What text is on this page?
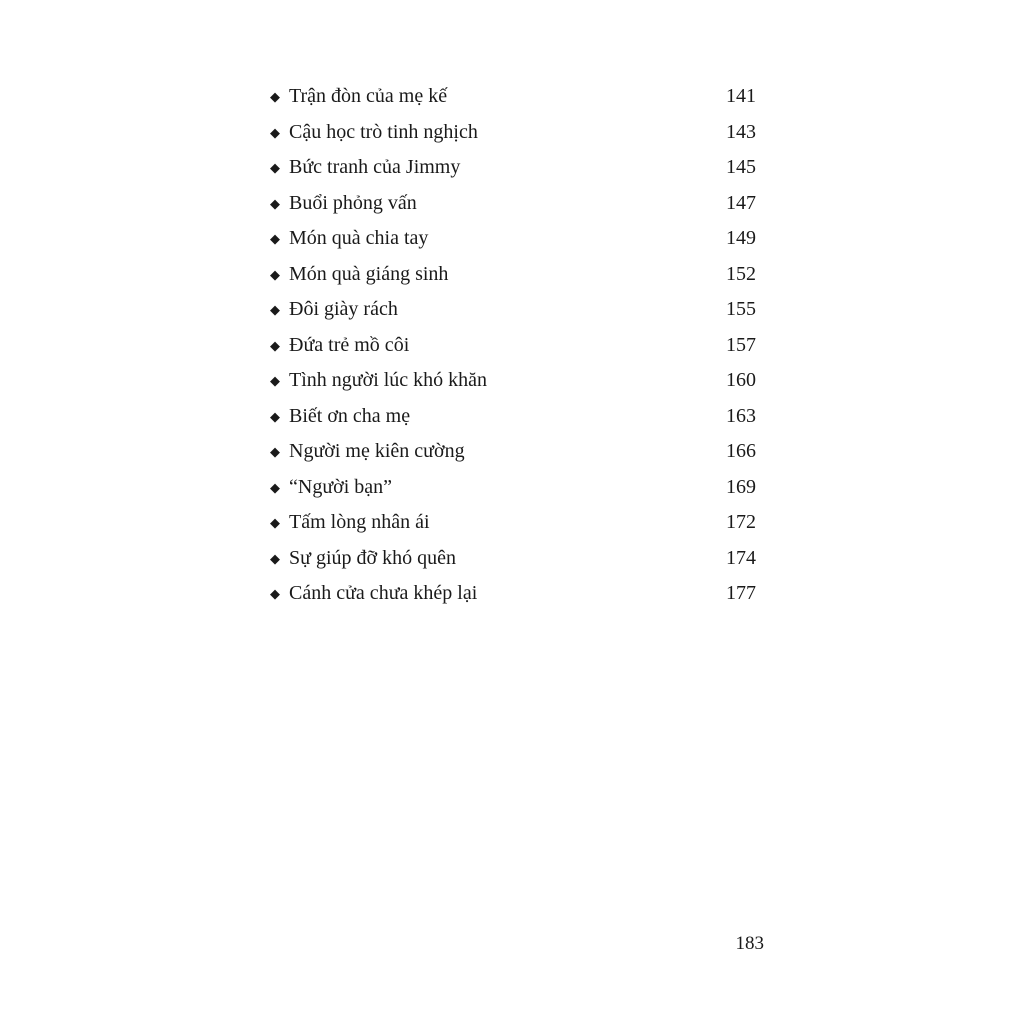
◆ Trận đòn của mẹ kế	141
◆ Cậu học trò tinh nghịch	143
◆ Bức tranh của Jimmy	145
◆ Buổi phỏng vấn	147
◆ Món quà chia tay	149
◆ Món quà giáng sinh	152
◆ Đôi giày rách	155
◆ Đứa trẻ mồ côi	157
◆ Tình người lúc khó khăn	160
◆ Biết ơn cha mẹ	163
◆ Người mẹ kiên cường	166
◆ “Người bạn”	169
◆ Tấm lòng nhân ái	172
◆ Sự giúp đỡ khó quên	174
◆ Cánh cửa chưa khép lại	177
183
